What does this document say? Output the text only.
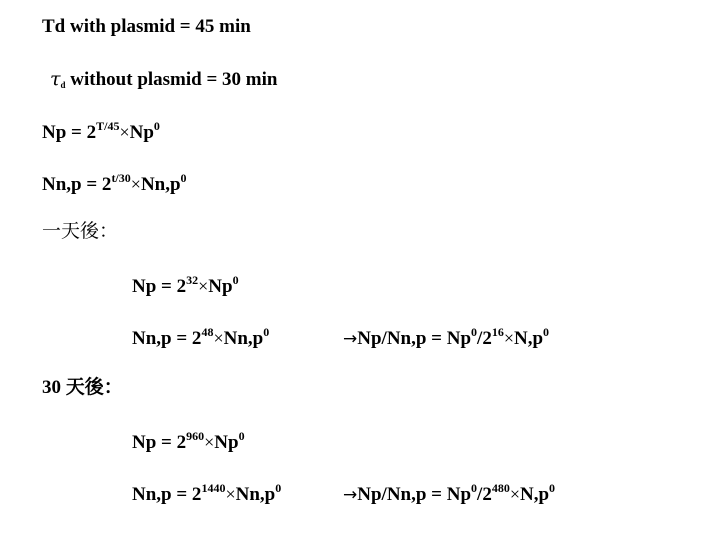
Td with plasmid = 45 min
τd without plasmid = 30 min
$Np = 2^{T/45}\times Np^0$
$Nn,p = 2^{t/30}\times Nn,p^0$
一天後：
$Np = 2^{32}\times Np^0$
$Nn,p = 2^{48}\times Nn,p^0$	$\to Np/Nn,p = Np^0/2^{16}\times N,p^0$
30 天後：
$Np = 2^{960}\times Np^0$
$Nn,p = 2^{1440}\times Nn,p^0$	$\to Np/Nn,p = Np^0/2^{480}\times N,p^0$
